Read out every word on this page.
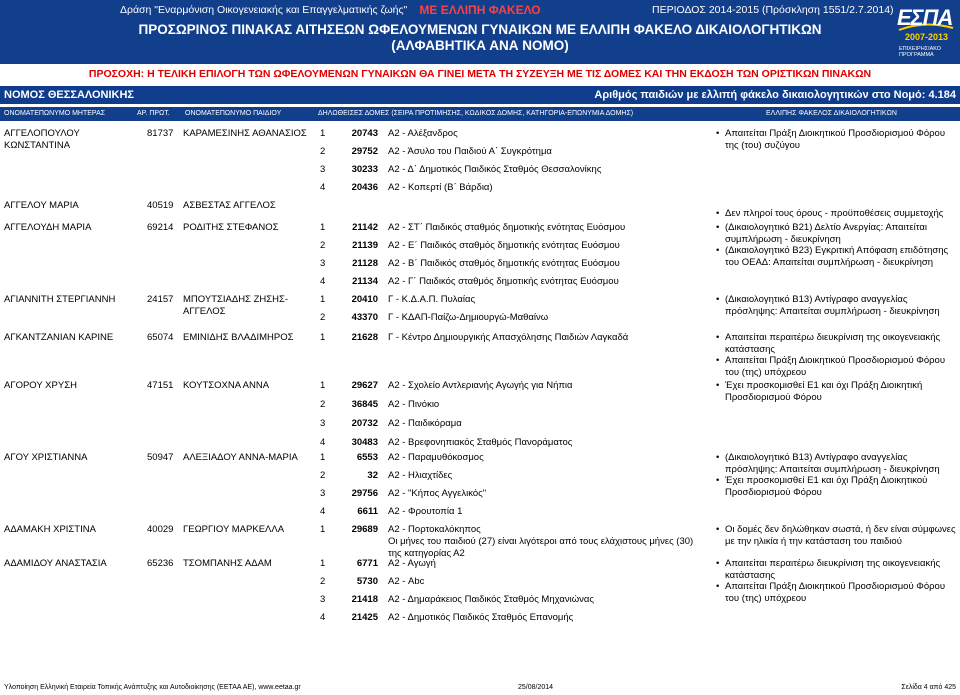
Δράση "Εναρμόνιση Οικογενειακής και Επαγγελματικής ζωής"	ΜΕ ΕΛΛΙΠΗ ΦΑΚΕΛΟ	ΠΕΡΙΟΔΟΣ 2014-2015 (Πρόσκληση 1551/2.7.2014)
ΠΡΟΣΩΡΙΝΟΣ ΠΙΝΑΚΑΣ ΑΙΤΗΣΕΩΝ ΩΦΕΛΟΥΜΕΝΩΝ ΓΥΝΑΙΚΩΝ ΜΕ ΕΛΛΙΠΗ ΦΑΚΕΛΟ ΔΙΚΑΙΟΛΟΓΗΤΙΚΩΝ
(ΑΛΦΑΒΗΤΙΚΑ ΑΝΑ ΝΟΜΟ)
ΕΣΠΑ
2007-2013
ΕΠΙΧΕΙΡΗΣΙΑΚΟ ΠΡΟΓΡΑΜΜΑ
ΠΡΟΣΟΧΗ: Η ΤΕΛΙΚΗ ΕΠΙΛΟΓΗ ΤΩΝ ΩΦΕΛΟΥΜΕΝΩΝ ΓΥΝΑΙΚΩΝ ΘΑ ΓΙΝΕΙ ΜΕΤΑ ΤΗ ΣΥΖΕΥΞΗ ΜΕ ΤΙΣ ΔΟΜΕΣ ΚΑΙ ΤΗΝ ΕΚΔΟΣΗ ΤΩΝ ΟΡΙΣΤΙΚΩΝ ΠΙΝΑΚΩΝ
ΝΟΜΟΣ ΘΕΣΣΑΛΟΝΙΚΗΣ	Αριθμός παιδιών με ελλιπή φάκελο δικαιολογητικών στο Νομό: 4.184
ΟΝΟΜΑΤΕΠΩΝΥΜΟ ΜΗΤΕΡΑΣ	ΑΡ. ΠΡΩΤ. ΟΝΟΜΑΤΕΠΩΝΥΜΟ ΠΑΙΔΙΟΥ	ΔΗΛΩΘΕΙΣΕΣ ΔΟΜΕΣ (ΣΕΙΡΑ ΠΡΟΤΙΜΗΣΗΣ, ΚΩΔΙΚΟΣ ΔΟΜΗΣ, ΚΑΤΗΓΟΡΙΑ-ΕΠΩΝΥΜΙΑ ΔΟΜΗΣ)	ΕΛΛΙΠΗΣ ΦΑΚΕΛΟΣ ΔΙΚΑΙΟΛΟΓΗΤΙΚΩΝ
ΑΓΓΕΛΟΠΟΥΛΟΥ ΚΩΝΣΤΑΝΤΙΝΑ
81737 ΚΑΡΑΜΕΣΙΝΗΣ ΑΘΑΝΑΣΙΟΣ	1	20743 Α2 - Αλέξανδρος
2	29752 Α2 - Άσυλο του Παιδιού Α΄ Συγκρότημα
3	30233 Α2 - Δ΄ Δημοτικός Παιδικός Σταθμός Θεσσαλονίκης
4	20436 Α2 - Κοπερτί (Β΄ Βάρδια)
• Απαιτείται Πράξη Διοικητικού Προσδιορισμού Φόρου της (του) συζύγου
ΑΓΓΕΛΟΥ ΜΑΡΙΑ	40519 ΑΣΒΕΣΤΑΣ ΑΓΓΕΛΟΣ
• Δεν πληροί τους όρους - προϋποθέσεις συμμετοχής
ΑΓΓΕΛΟΥΔΗ ΜΑΡΙΑ	69214 ΡΟΔΙΤΗΣ ΣΤΕΦΑΝΟΣ	1	21142 Α2 - ΣΤ΄ Παιδικός σταθμός δημοτικής ενότητας Ευόσμου
2	21139 Α2 - Ε΄ Παιδικός σταθμός δημοτικής ενότητας Ευόσμου
3	21128 Α2 - Β΄ Παιδικός σταθμός δημοτικής ενότητας Ευόσμου
4	21134 Α2 - Γ΄ Παιδικός σταθμός δημοτικής ενότητας Ευόσμου
• (Δικαιολογητικό Β21) Δελτίο Ανεργίας: Απαιτείται συμπλήρωση - διευκρίνηση
• (Δικαιολογητικό Β23) Εγκριτική Απόφαση επιδότησης του ΟΕΑΔ: Απαιτείται συμπλήρωση - διευκρίνηση
ΑΓΙΑΝΝΙΤΗ ΣΤΕΡΓΙΑΝΝΗ	24157 ΜΠΟΥΤΣΙΑΔΗΣ ΖΗΣΗΣ-ΑΓΓΕΛΟΣ
1	20410 Γ - Κ.Δ.Α.Π. Πυλαίας
2	43370 Γ - ΚΔΑΠ-Παίζω-Δημιουργώ-Μαθαίνω
• (Δικαιολογητικό Β13) Αντίγραφο αναγγελίας πρόσληψης: Απαιτείται συμπλήρωση - διευκρίνηση
ΑΓΚΑΝΤΖΑΝΙΑΝ ΚΑΡΙΝΕ	65074 ΕΜΙΝΙΔΗΣ ΒΛΑΔΙΜΗΡΟΣ	1	21628 Γ - Κέντρο Δημιουργικής Απασχόλησης Παιδιών Λαγκαδά
•	Απαιτείται περαιτέρω διευκρίνιση της οικογενειακής κατάστασης
• Απαιτείται Πράξη Διοικητικού Προσδιορισμού Φόρου του (της) υπόχρεου
ΑΓΟΡΟΥ ΧΡΥΣΗ	47151 ΚΟΥΤΣΟΧΝΑ ΑΝΝΑ	1	29627 Α2 - Σχολείο Αντλεριανής Αγωγής για Νήπια
2	36845 Α2 - Πινόκιο
3	20732 Α2 - Παιδικόραμα
4	30483 Α2 - Βρεφονηπιακός Σταθμός Πανοράματος
• Έχει προσκομισθεί Ε1 και όχι Πράξη Διοικητική Προσδιορισμού Φόρου
ΑΓΟΥ ΧΡΙΣΤΙΑΝΝΑ	50947 ΑΛΕΞΙΑΔΟΥ ΑΝΝΑ-ΜΑΡΙΑ	1	6553 Α2 - Παραμυθόκοσμος
2	32 Α2 - Ηλιαχτίδες
3	29756 Α2 - "Κήπος Αγγελικός"
4	6611 Α2 - Φρουτοπία 1
• (Δικαιολογητικό Β13) Αντίγραφο αναγγελίας πρόσληψης: Απαιτείται συμπλήρωση - διευκρίνηση
• Έχει προσκομισθεί Ε1 και όχι Πράξη Διοικητικού Προσδιορισμού Φόρου
ΑΔΑΜΑΚΗ ΧΡΙΣΤΙΝΑ	40029 ΓΕΩΡΓΙΟΥ ΜΑΡΚΕΛΛΑ	1	29689 Α2 - Πορτοκαλόκηπος
Οι μήνες του παιδιού (27) είναι λιγότεροι από τους ελάχιστους μήνες (30) της κατηγορίας Α2
• Οι δομές δεν δηλώθηκαν σωστά, ή δεν είναι σύμφωνες με την ηλικία ή την κατάσταση του παιδιού
ΑΔΑΜΙΔΟΥ ΑΝΑΣΤΑΣΙΑ	65236 ΤΣΟΜΠΑΝΗΣ ΑΔΑΜ	1	6771 Α2 - Αγωγή
2	5730 Α2 - Abc
3	21418 Α2 - Δημαράκειος Παιδικός Σταθμός Μηχανιώνας
4	21425 Α2 - Δημοτικός Παιδικός Σταθμός Επανομής
• Απαιτείται περαιτέρω διευκρίνιση της οικογενειακής κατάστασης
• Απαιτείται Πράξη Διοικητικού Προσδιορισμού Φόρου του (της) υπόχρεου
Υλοποίηση Ελληνική Εταιρεία Τοπικής Ανάπτυξης και Αυτοδιοίκησης (ΕΕΤΑΑ ΑΕ), www.eetaa.gr	25/08/2014	Σελίδα 4 από 425
